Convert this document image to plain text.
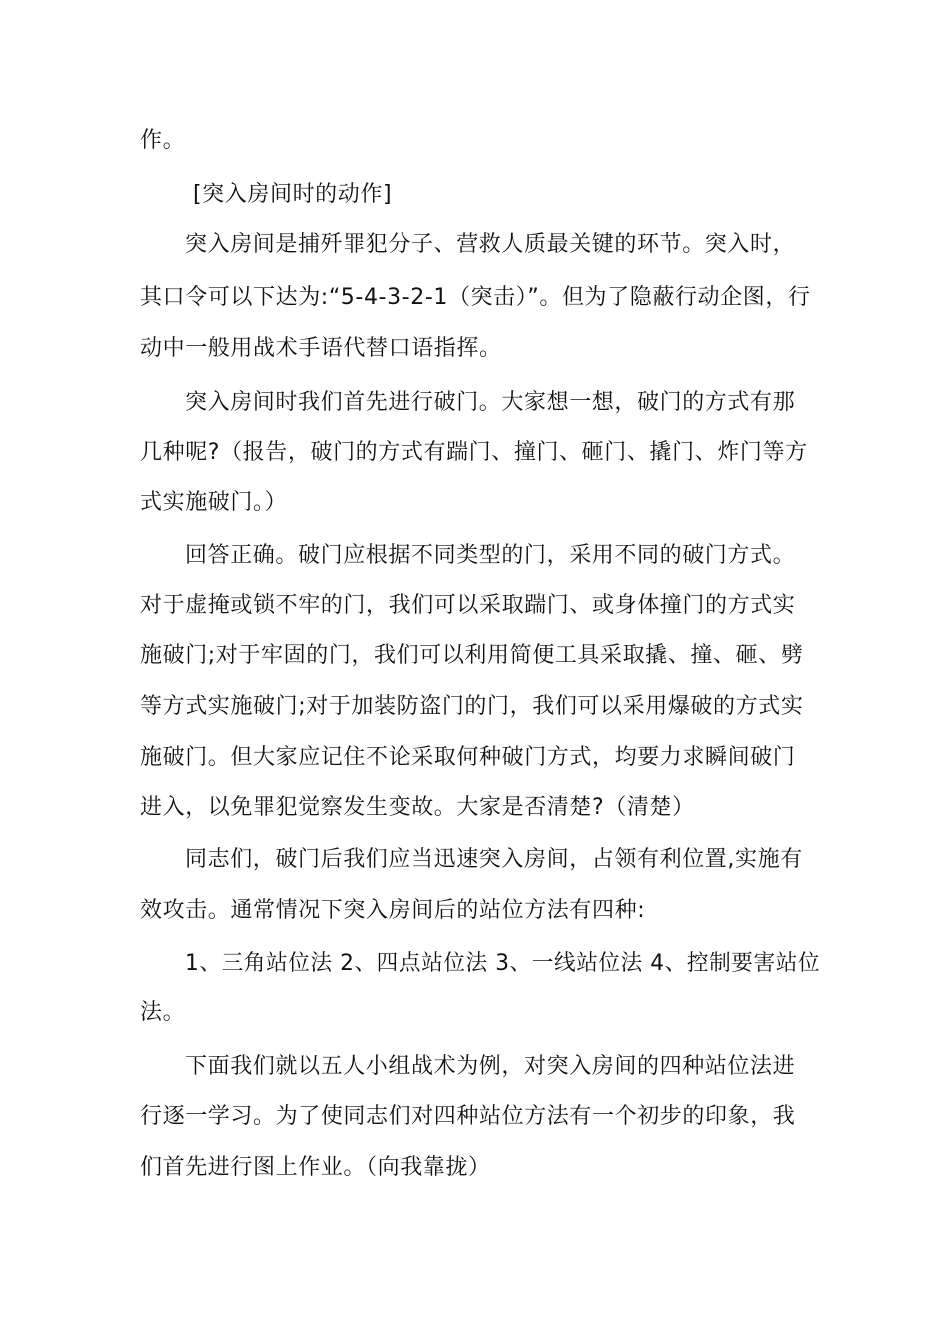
作。
[突入房间时的动作]
突入房间是捕歼罪犯分子、营救人质最关键的环节。突入时，
其口令可以下达为:“5-4-3-2-1（突击）”。但为了隐蔽行动企图，行
动中一般用战术手语代替口语指挥。
突入房间时我们首先进行破门。大家想一想，破门的方式有那
几种呢?（报告，破门的方式有踹门、撞门、砸门、撬门、炸门等方
式实施破门。）
回答正确。破门应根据不同类型的门，采用不同的破门方式。
对于虚掩或锁不牢的门，我们可以采取踹门、或身体撞门的方式实
施破门;对于牢固的门，我们可以利用简便工具采取撬、撞、砸、劈
等方式实施破门;对于加装防盗门的门，我们可以采用爆破的方式实
施破门。但大家应记住不论采取何种破门方式，均要力求瞬间破门
进入，以免罪犯觉察发生变故。大家是否清楚?（清楚）
同志们，破门后我们应当迅速突入房间，占领有利位置,实施有
效攻击。通常情况下突入房间后的站位方法有四种:
1、三角站位法 2、四点站位法 3、一线站位法 4、控制要害站位
法。
下面我们就以五人小组战术为例，对突入房间的四种站位法进
行逐一学习。为了使同志们对四种站位方法有一个初步的印象，我
们首先进行图上作业。（向我靠拢）
